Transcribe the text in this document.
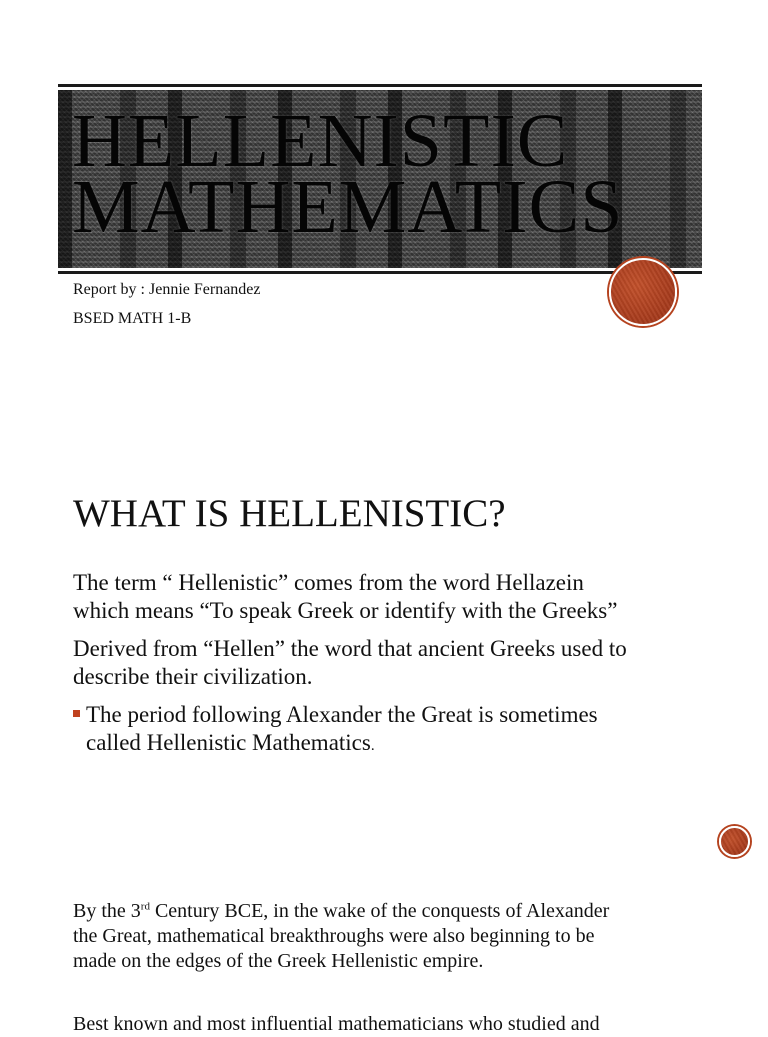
HELLENISTIC
MATHEMATICS
Report by : Jennie Fernandez
BSED MATH 1-B
WHAT IS HELLENISTIC?

The term “ Hellenistic” comes from the word Hellazein
which means “To speak Greek or identify with the Greeks”

Derived from “Hellen” the word that ancient Greeks used to
describe their civilization.

The period following Alexander the Great is sometimes
called Hellenistic Mathematics.

By the 3rd Century BCE, in the wake of the conquests of Alexander
the Great, mathematical breakthroughs were also beginning to be
made on the edges of the Greek Hellenistic empire.

Best known and most influential mathematicians who studied and
